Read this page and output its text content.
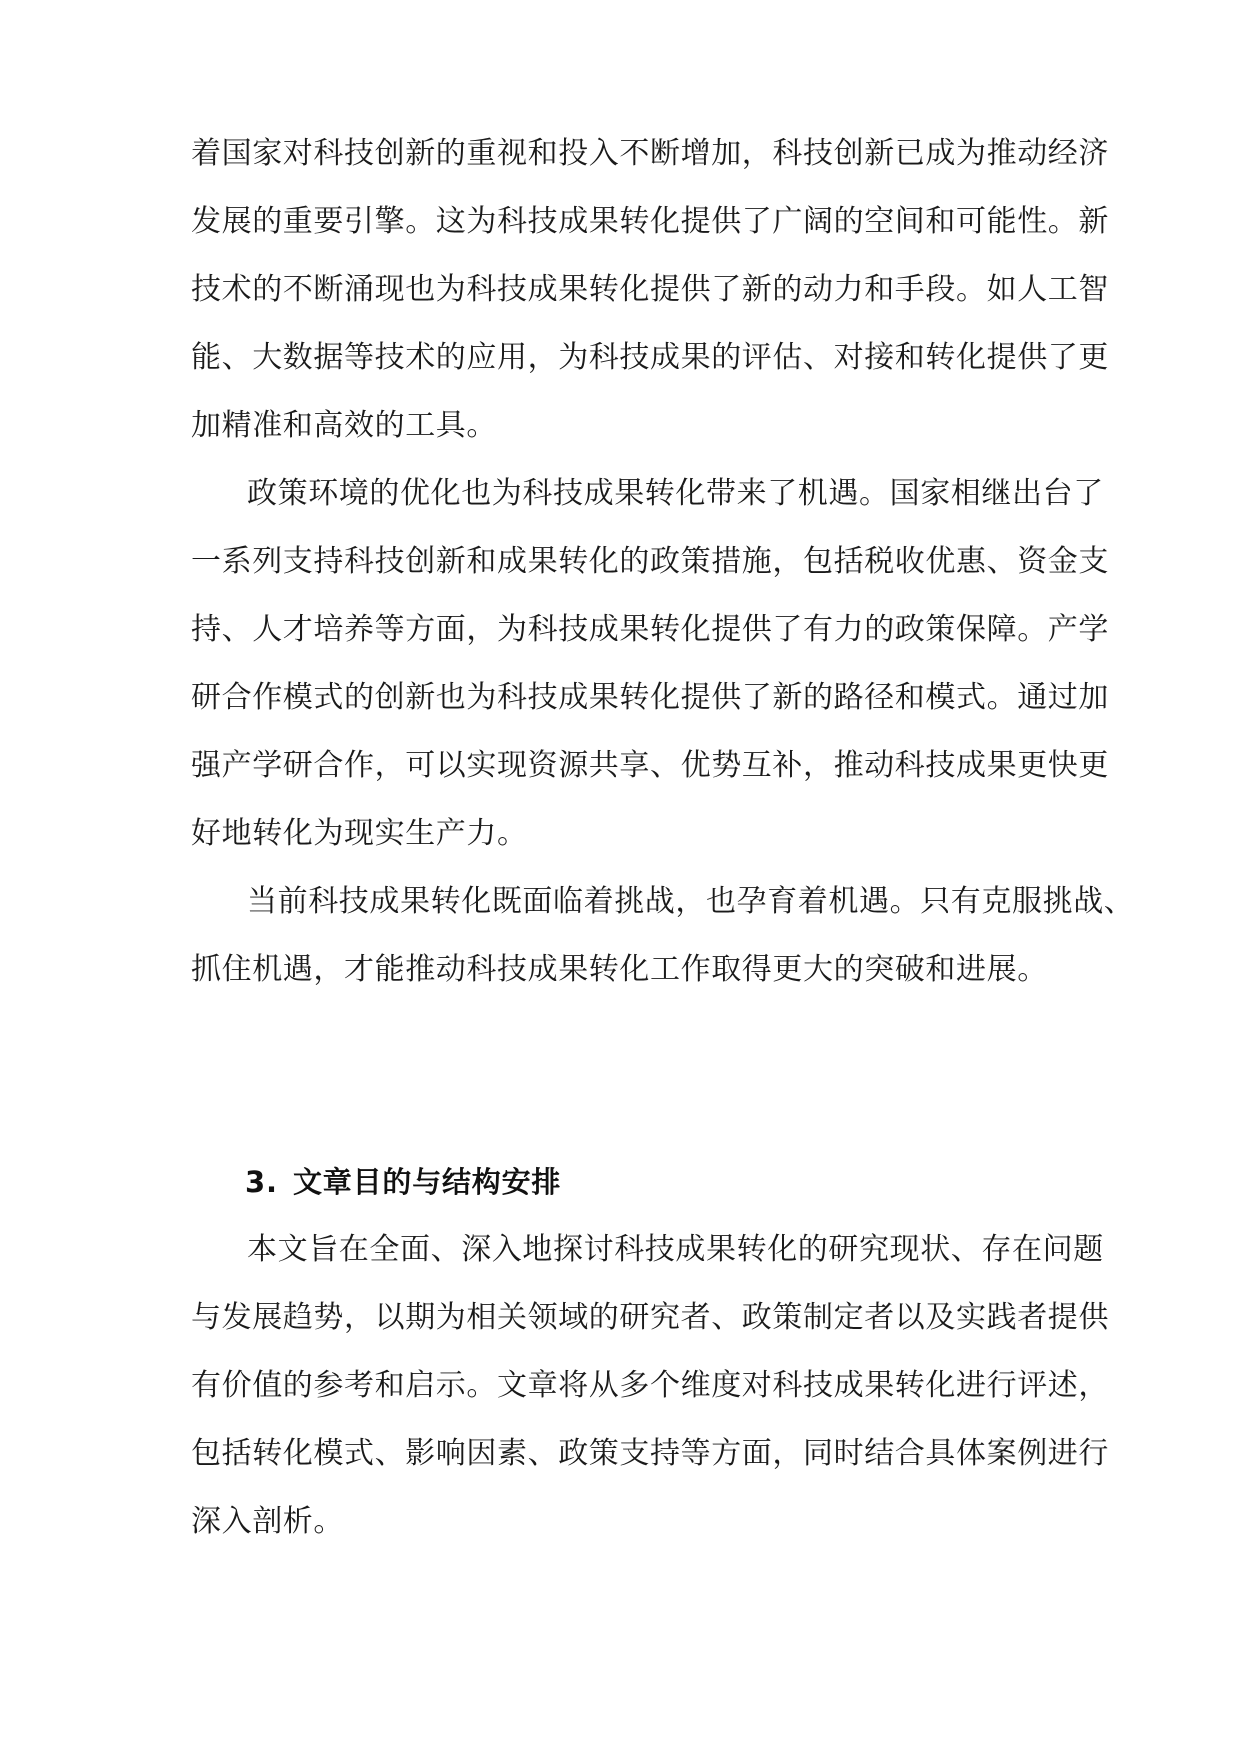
着国家对科技创新的重视和投入不断增加，科技创新已成为推动经济
发展的重要引擎。这为科技成果转化提供了广阔的空间和可能性。新
技术的不断涌现也为科技成果转化提供了新的动力和手段。如人工智
能、大数据等技术的应用，为科技成果的评估、对接和转化提供了更
加精准和高效的工具。
政策环境的优化也为科技成果转化带来了机遇。国家相继出台了
一系列支持科技创新和成果转化的政策措施，包括税收优惠、资金支
持、人才培养等方面，为科技成果转化提供了有力的政策保障。产学
研合作模式的创新也为科技成果转化提供了新的路径和模式。通过加
强产学研合作，可以实现资源共享、优势互补，推动科技成果更快更
好地转化为现实生产力。
当前科技成果转化既面临着挑战，也孕育着机遇。只有克服挑战、
抓住机遇，才能推动科技成果转化工作取得更大的突破和进展。
3. 文章目的与结构安排
本文旨在全面、深入地探讨科技成果转化的研究现状、存在问题
与发展趋势，以期为相关领域的研究者、政策制定者以及实践者提供
有价值的参考和启示。文章将从多个维度对科技成果转化进行评述，
包括转化模式、影响因素、政策支持等方面，同时结合具体案例进行
深入剖析。
